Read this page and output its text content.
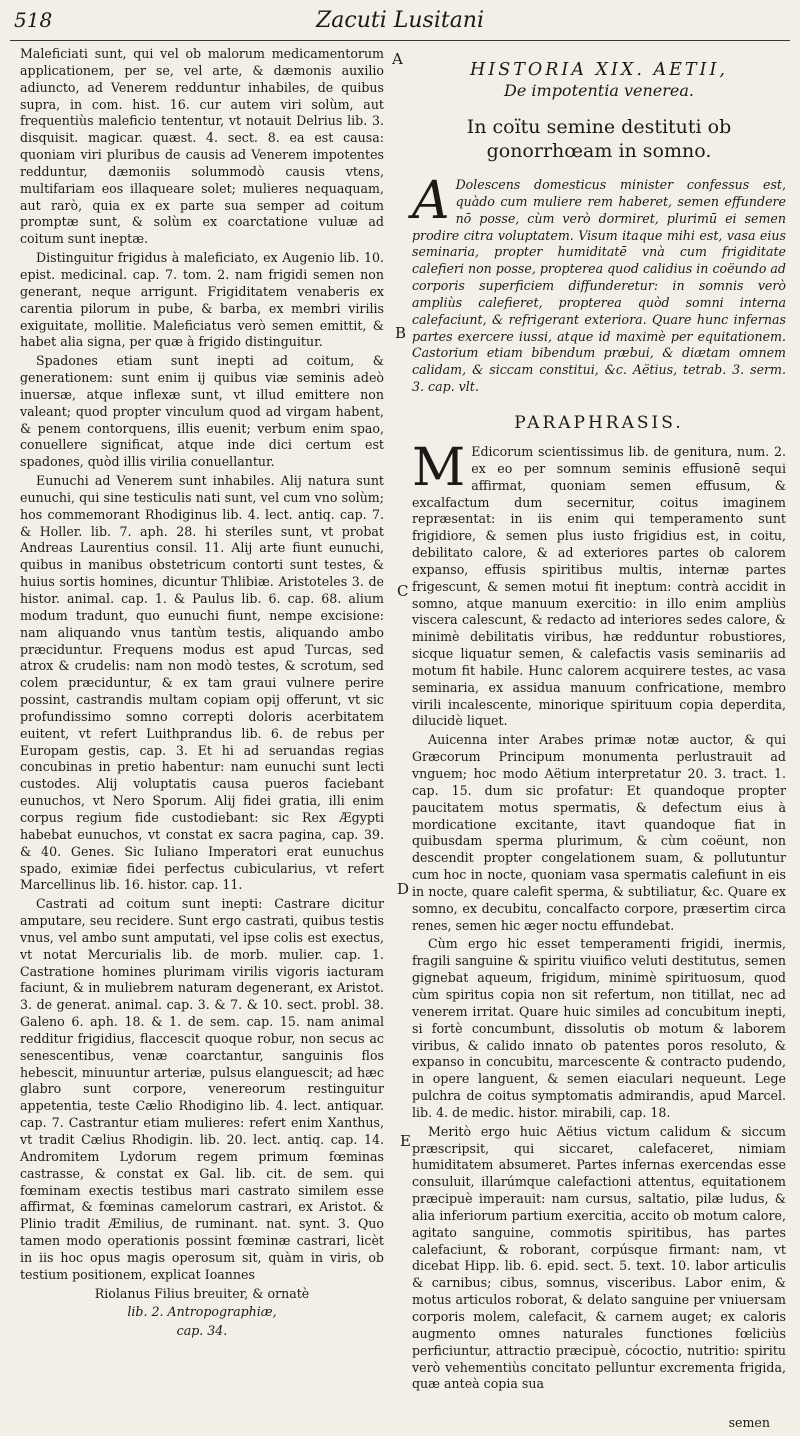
518	Zacuti Lusitani
A
B
C
D
E

Maleficiati sunt, qui vel ob malorum medicamentorum applicationem, per se, vel arte, & dæmonis auxilio adiuncto, ad Venerem redduntur inhabiles, de quibus supra, in com. hist. 16. cur autem viri solùm, aut frequentiùs maleficio tententur, vt notauit Delrius lib. 3. disquisit. magicar. quæst. 4. sect. 8. ea est causa: quoniam viri pluribus de causis ad Venerem impotentes redduntur, dæmoniis solummodò causis vtens, multifariam eos illaqueare solet; mulieres nequaquam, aut rarò, quia ex ex parte sua semper ad coitum promptæ sunt, & solùm ex coarctatione vuluæ ad coitum sunt ineptæ.

Distinguitur frigidus à maleficiato, ex Augenio lib. 10. epist. medicinal. cap. 7. tom. 2. nam frigidi semen non generant, neque arrigunt. Frigiditatem venaberis ex carentia pilorum in pube, & barba, ex membri virilis exiguitate, mollitie. Maleficiatus verò semen emittit, & habet alia signa, per quæ à frigido distinguitur.

Spadones etiam sunt inepti ad coitum, & generationem: sunt enim ij quibus viæ seminis adeò inuersæ, atque inflexæ sunt, vt illud emittere non valeant; quod propter vinculum quod ad virgam habent, & penem contorquens, illis euenit; verbum enim spao, conuellere significat, atque inde dici certum est spadones, quòd illis virilia conuellantur.

Eunuchi ad Venerem sunt inhabiles. Alij natura sunt eunuchi, qui sine testiculis nati sunt, vel cum vno solùm; hos commemorant Rhodiginus lib. 4. lect. antiq. cap. 7. & Holler. lib. 7. aph. 28. hi steriles sunt, vt probat Andreas Laurentius consil. 11. Alij arte fiunt eunuchi, quibus in manibus obstetricum contorti sunt testes, & huius sortis homines, dicuntur Thlibiæ. Aristoteles 3. de histor. animal. cap. 1. & Paulus lib. 6. cap. 68. alium modum tradunt, quo eunuchi fiunt, nempe excisione: nam aliquando vnus tantùm testis, aliquando ambo præciduntur. Frequens modus est apud Turcas, sed atrox & crudelis: nam non modò testes, & scrotum, sed colem præciduntur, & ex tam graui vulnere perire possint, castrandis multam copiam opij offerunt, vt sic profundissimo somno correpti doloris acerbitatem euitent, vt refert Luithprandus lib. 6. de rebus per Europam gestis, cap. 3. Et hi ad seruandas regias concubinas in pretio habentur: nam eunuchi sunt lecti custodes. Alij voluptatis causa pueros faciebant eunuchos, vt Nero Sporum. Alij fidei gratia, illi enim corpus regium fide custodiebant: sic Rex Ægypti habebat eunuchos, vt constat ex sacra pagina, cap. 39. & 40. Genes. Sic Iuliano Imperatori erat eunuchus spado, eximiæ fidei perfectus cubicularius, vt refert Marcellinus lib. 16. histor. cap. 11.

Castrati ad coitum sunt inepti: Castrare dicitur amputare, seu recidere. Sunt ergo castrati, quibus testis vnus, vel ambo sunt amputati, vel ipse colis est exectus, vt notat Mercurialis lib. de morb. mulier. cap. 1. Castratione homines plurimam virilis vigoris iacturam faciunt, & in muliebrem naturam degenerant, ex Aristot. 3. de generat. animal. cap. 3. & 7. & 10. sect. probl. 38. Galeno 6. aph. 18. & 1. de sem. cap. 15. nam animal redditur frigidius, flaccescit quoque robur, non secus ac senescentibus, venæ coarctantur, sanguinis flos hebescit, minuuntur arteriæ, pulsus elanguescit; ad hæc glabro sunt corpore, venereorum restinguitur appetentia, teste Cælio Rhodigino lib. 4. lect. antiquar. cap. 7. Castrantur etiam mulieres: refert enim Xanthus, vt tradit Cælius Rhodigin. lib. 20. lect. antiq. cap. 14. Andromitem Lydorum regem primum fœminas castrasse, & constat ex Gal. lib. cit. de sem. qui fœminam exectis testibus mari castrato similem esse affirmat, & fœminas camelorum castrari, ex Aristot. & Plinio tradit Æmilius, de ruminant. nat. synt. 3. Quo tamen modo operationis possint fœminæ castrari, licèt in iis hoc opus magis operosum sit, quàm in viris, ob testium positionem, explicat Ioannes

Riolanus Filius breuiter, & ornatè

lib. 2. Antropographiæ,

cap. 34.

HISTORIA XIX. AETII,
De impotentia venerea.
In coïtu semine destituti ob gonorrhœam in somno.

A Dolescens domesticus minister confessus est, quàdo cum muliere rem haberet, semen effundere nō posse, cùm verò dormiret, plurimū ei semen prodire citra voluptatem. Visum itaque mihi est, vasa eius seminaria, propter humiditatē vnà cum frigiditate calefieri non posse, propterea quod calidius in coëundo ad corporis superficiem diffunderetur: in somnis verò ampliùs calefieret, propterea quòd somni interna calefaciunt, & refrigerant exteriora. Quare hunc infernas partes exercere iussi, atque id maximè per equitationem. Castorium etiam bibendum præbui, & diætam omnem calidam, & siccam constitui, &c. Aëtius, tetrab. 3. serm. 3. cap. vlt.

PARAPHRASIS.

M Edicorum scientissimus lib. de genitura, num. 2. ex eo per somnum seminis effusionē sequi affirmat, quoniam semen effusum, & excalfactum dum secernitur, coitus imaginem repræsentat: in iis enim qui temperamento sunt frigidiore, & semen plus iusto frigidius est, in coitu, debilitato calore, & ad exteriores partes ob calorem expanso, effusis spiritibus multis, internæ partes frigescunt, & semen motui fit ineptum: contrà accidit in somno, atque manuum exercitio: in illo enim ampliùs viscera calescunt, & redacto ad interiores sedes calore, & minimè debilitatis viribus, hæ redduntur robustiores, sicque liquatur semen, & calefactis vasis seminariis ad motum fit habile. Hunc calorem acquirere testes, ac vasa seminaria, ex assidua manuum confricatione, membro virili incalescente, minorique spirituum copia deperdita, dilucidè liquet.

Auicenna inter Arabes primæ notæ auctor, & qui Græcorum Principum monumenta perlustrauit ad vnguem; hoc modo Aëtium interpretatur 20. 3. tract. 1. cap. 15. dum sic profatur: Et quandoque propter paucitatem motus spermatis, & defectum eius à mordicatione excitante, itavt quandoque fiat in quibusdam sperma plurimum, & cùm coëunt, non descendit propter congelationem suam, & pollutuntur cum hoc in nocte, quoniam vasa spermatis calefiunt in eis in nocte, quare calefit sperma, & subtiliatur, &c. Quare ex somno, ex decubitu, concalfacto corpore, præsertim circa renes, semen hic æger noctu effundebat.

Cùm ergo hic esset temperamenti frigidi, inermis, fragili sanguine & spiritu viuifico veluti destitutus, semen gignebat aqueum, frigidum, minimè spirituosum, quod cùm spiritus copia non sit refertum, non titillat, nec ad venerem irritat. Quare huic similes ad concubitum inepti, si fortè concumbunt, dissolutis ob motum & laborem viribus, & calido innato ob patentes poros resoluto, & expanso in concubitu, marcescente & contracto pudendo, in opere languent, & semen eiaculari nequeunt. Lege pulchra de coitus symptomatis admirandis, apud Marcel. lib. 4. de medic. histor. mirabili, cap. 18.

Meritò ergo huic Aëtius victum calidum & siccum præscripsit, qui siccaret, calefaceret, nimiam humiditatem absumeret. Partes infernas exercendas esse consuluit, illarúmque calefactioni attentus, equitationem præcipuè imperauit: nam cursus, saltatio, pilæ ludus, & alia inferiorum partium exercitia, accito ob motum calore, agitato sanguine, commotis spiritibus, has partes calefaciunt, & roborant, corpúsque firmant: nam, vt dicebat Hipp. lib. 6. epid. sect. 5. text. 10. labor articulis & carnibus; cibus, somnus, visceribus. Labor enim, & motus articulos roborat, & delato sanguine per vniuersam corporis molem, calefacit, & carnem auget; ex caloris augmento omnes naturales functiones fœliciùs perficiuntur, attractio præcipuè, cócoctio, nutritio: spiritu verò vehementiùs concitato pelluntur excrementa frigida, quæ anteà copia sua

semen
